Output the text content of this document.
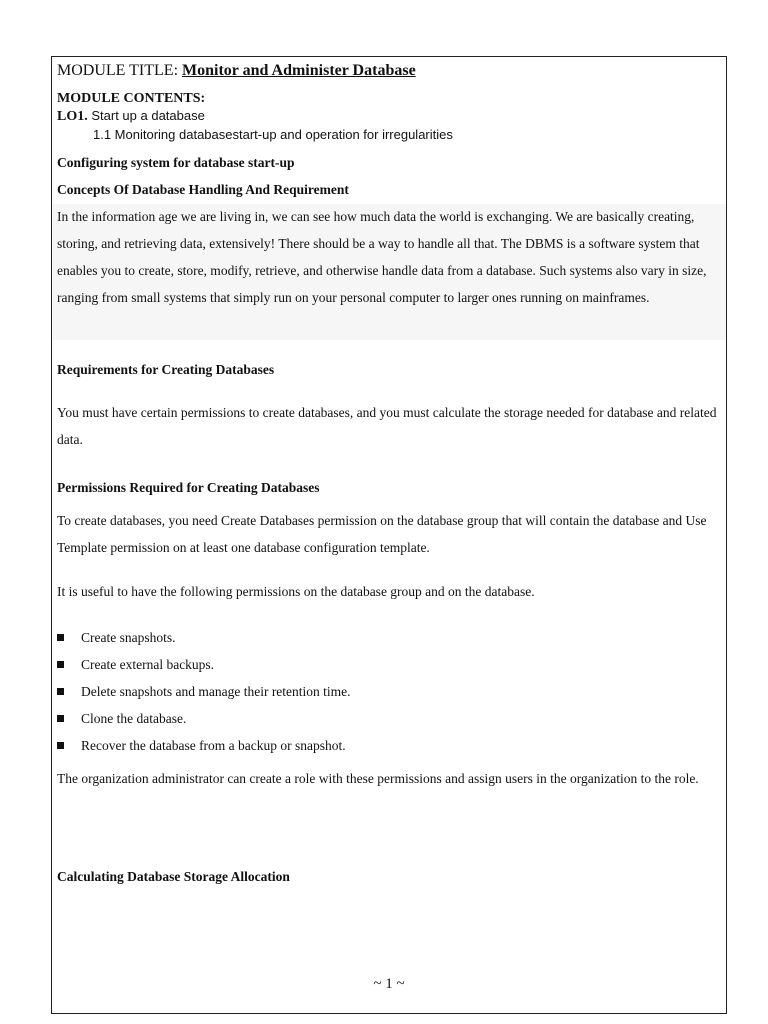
MODULE TITLE: Monitor and Administer Database
MODULE CONTENTS:
LO1. Start up a database
1.1 Monitoring databasestart-up and operation for irregularities
Configuring system for database start-up
Concepts Of Database Handling And Requirement
In the information age we are living in, we can see how much data the world is exchanging. We are basically creating, storing, and retrieving data, extensively! There should be a way to handle all that. The DBMS is a software system that enables you to create, store, modify, retrieve, and otherwise handle data from a database. Such systems also vary in size, ranging from small systems that simply run on your personal computer to larger ones running on mainframes.
Requirements for Creating Databases
You must have certain permissions to create databases, and you must calculate the storage needed for database and related data.
Permissions Required for Creating Databases
To create databases, you need Create Databases permission on the database group that will contain the database and Use Template permission on at least one database configuration template.
It is useful to have the following permissions on the database group and on the database.
Create snapshots.
Create external backups.
Delete snapshots and manage their retention time.
Clone the database.
Recover the database from a backup or snapshot.
The organization administrator can create a role with these permissions and assign users in the organization to the role.
Calculating Database Storage Allocation
~ 1 ~
